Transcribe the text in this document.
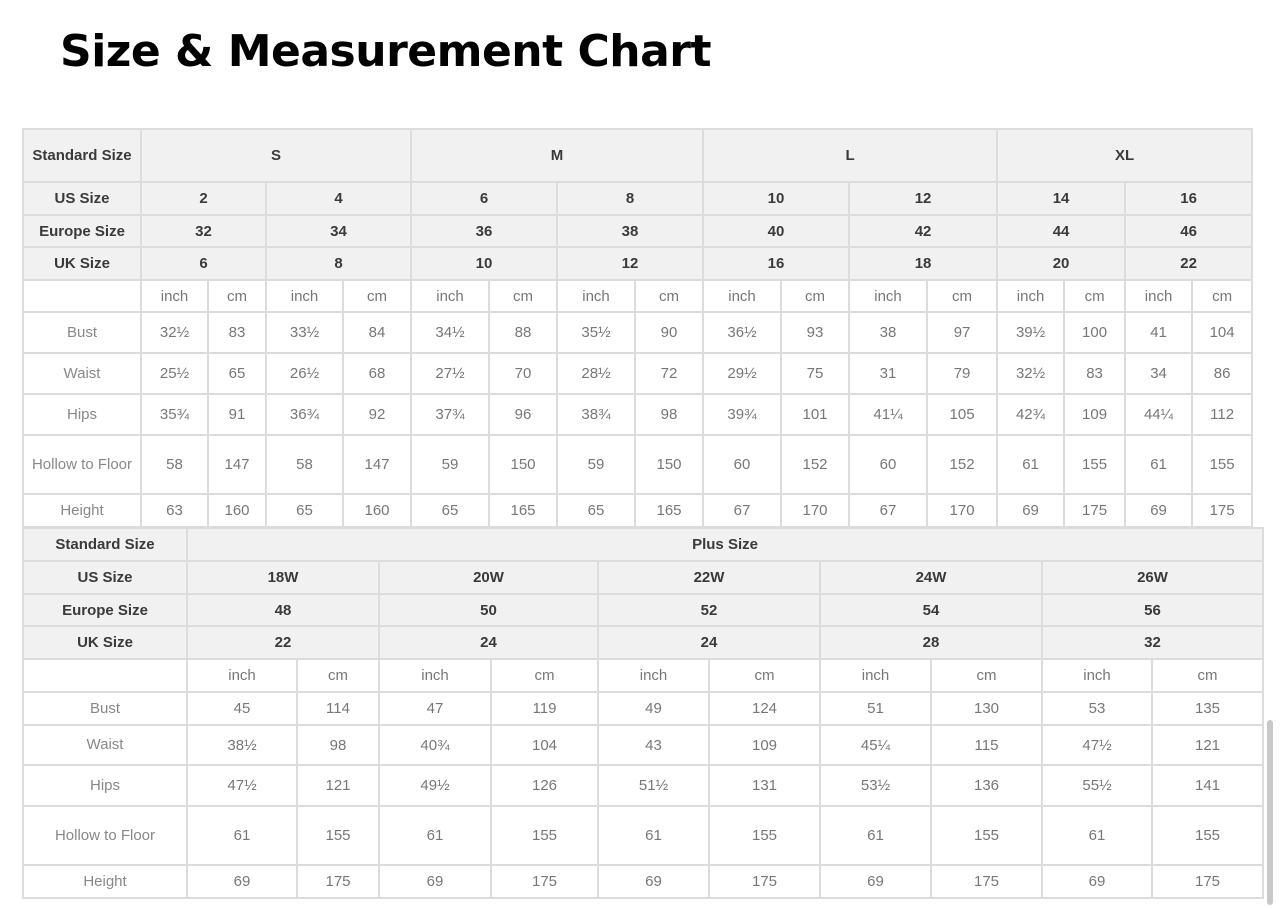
Size & Measurement Chart
Standard Size	S				M				L				XL			
US Size	2		4		6		8		10		12		14		16	
Europe Size	32		34		36		38		40		42		44		46	
UK Size	6		8		10		12		16		18		20		22	
	inch	cm	inch	cm	inch	cm	inch	cm	inch	cm	inch	cm	inch	cm	inch	cm
Bust	32½	83	33½	84	34½	88	35½	90	36½	93	38	97	39½	100	41	104
Waist	25½	65	26½	68	27½	70	28½	72	29½	75	31	79	32½	83	34	86
Hips	35¾	91	36¾	92	37¾	96	38¾	98	39¾	101	41¼	105	42¾	109	44¼	112
Hollow to Floor	58	147	58	147	59	150	59	150	60	152	60	152	61	155	61	155
Height	63	160	65	160	65	165	65	165	67	170	67	170	69	175	69	175
Standard Size	Plus Size									
US Size	18W		20W		22W		24W		26W	
Europe Size	48		50		52		54		56	
UK Size	22		24		24		28		32	
	inch	cm	inch	cm	inch	cm	inch	cm	inch	cm
Bust	45	114	47	119	49	124	51	130	53	135
Waist	38½	98	40¾	104	43	109	45¼	115	47½	121
Hips	47½	121	49½	126	51½	131	53½	136	55½	141
Hollow to Floor	61	155	61	155	61	155	61	155	61	155
Height	69	175	69	175	69	175	69	175	69	175
